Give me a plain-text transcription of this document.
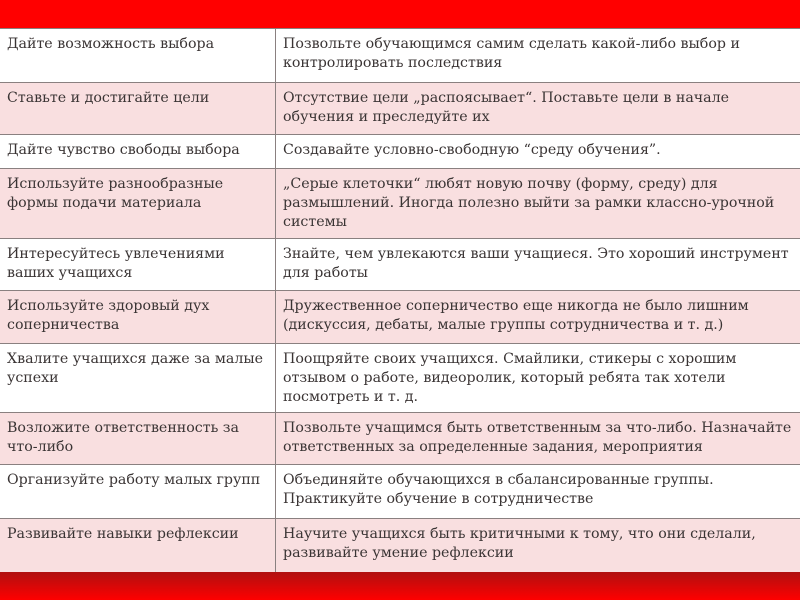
Дайте возможность выбора	Позвольте обучающимся самим сделать какой-либо выбор и контролировать последствия
Ставьте и достигайте цели	Отсутствие цели „распоясывает“. Поставьте цели в начале обучения и преследуйте их
Дайте чувство свободы выбора	Создавайте условно-свободную “среду обучения”.
Используйте разнообразные формы подачи материала	„Серые клеточки“ любят новую почву (форму, среду) для размышлений. Иногда полезно выйти за рамки классно-урочной системы
Интересуйтесь увлечениями ваших учащихся	Знайте, чем увлекаются ваши учащиеся. Это хороший инструмент для работы
Используйте здоровый дух соперничества	Дружественное соперничество еще никогда не было лишним (дискуссия, дебаты, малые группы сотрудничества и т. д.)
Хвалите учащихся даже за малые успехи	Поощряйте своих учащихся. Смайлики, стикеры с хорошим отзывом о работе, видеоролик, который ребята так хотели посмотреть и т. д.
Возложите ответственность за что-либо	Позвольте учащимся быть ответственным за что-либо. Назначайте ответственных за определенные задания, мероприятия
Организуйте работу малых групп	Объединяйте обучающихся в сбалансированные группы. Практикуйте обучение в сотрудничестве
Развивайте навыки рефлексии	Научите учащихся быть критичными к тому, что они сделали, развивайте умение рефлексии
